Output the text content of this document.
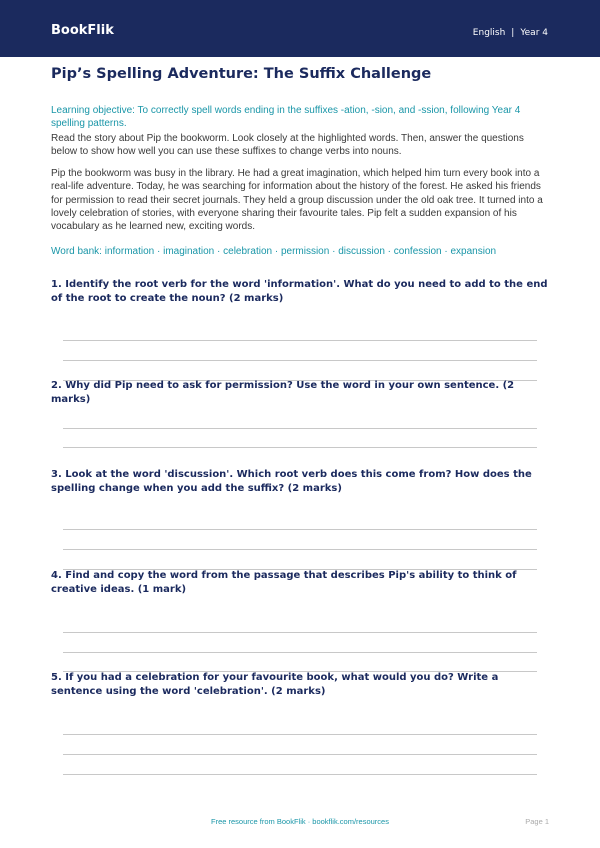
BookFlik	English | Year 4
Pip’s Spelling Adventure: The Suffix Challenge

Learning objective: To correctly spell words ending in the suffixes -ation, -sion, and -ssion, following Year 4 spelling patterns.

Read the story about Pip the bookworm. Look closely at the highlighted words. Then, answer the questions below to show how well you can use these suffixes to change verbs into nouns.

Pip the bookworm was busy in the library. He had a great imagination, which helped him turn every book into a real-life adventure. Today, he was searching for information about the history of the forest. He asked his friends for permission to read their secret journals. They held a group discussion under the old oak tree. It turned into a lovely celebration of stories, with everyone sharing their favourite tales. Pip felt a sudden expansion of his vocabulary as he learned new, exciting words.

Word bank: information · imagination · celebration · permission · discussion · confession · expansion
1. Identify the root verb for the word 'information'. What do you need to add to the end of the root to create the noun? (2 marks)
2. Why did Pip need to ask for permission? Use the word in your own sentence. (2 marks)
3. Look at the word 'discussion'. Which root verb does this come from? How does the spelling change when you add the suffix? (2 marks)
4. Find and copy the word from the passage that describes Pip's ability to think of creative ideas. (1 mark)
5. If you had a celebration for your favourite book, what would you do? Write a sentence using the word 'celebration'. (2 marks)
Free resource from BookFlik · bookflik.com/resources	Page 1
